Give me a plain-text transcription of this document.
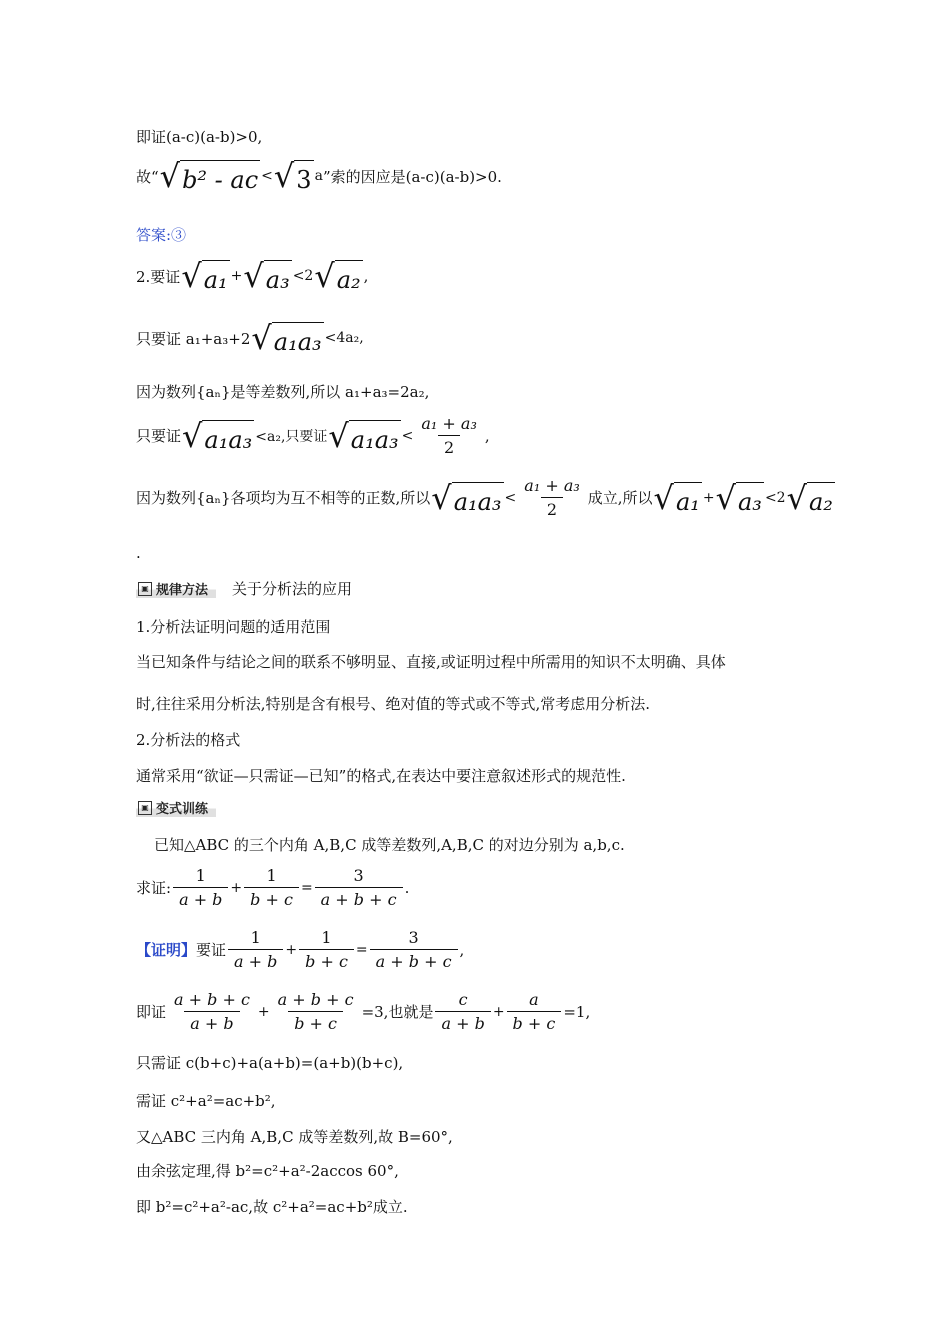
即证(a-c)(a-b)>0,
故“ √ b² - ac < √ 3 a ”索的因应是(a-c)(a-b)>0.
答案:③
2.要证 √ a₁ + √ a₃ <2 √ a₂ ,
只要证 a₁+a₃+2 √ a₁a₃ <4a₂,
因为数列{aₙ}是等差数列,所以 a₁+a₃=2a₂,
只要证 √ a₁a₃ <a₂,只要证 √ $a_1a_3 < \frac{\text{a₁ + a₃}}{2}$ ,
因为数列{aₙ}各项均为互不相等的正数,所以 √ $a_1a_3 < \frac{\text{a₁ + a₃}}{2}$ 成立,所以 √ a₁ + √ a₃ <2 √ a₂
.
▣ 规律方法 关于分析法的应用
1.分析法证明问题的适用范围
当已知条件与结论之间的联系不够明显、直接,或证明过程中所需用的知识不太明确、具体
时,往往采用分析法,特别是含有根号、绝对值的等式或不等式,常考虑用分析法.
2.分析法的格式
通常采用“欲证—只需证—已知”的格式,在表达中要注意叙述形式的规范性.
▣ 变式训练
已知△ABC 的三个内角 A,B,C 成等差数列,A,B,C 的对边分别为 a,b,c.
求证: $\frac{1}{a + b} + \frac{1}{b + c} = \frac{3}{a + b + c}$ .
【证明】 要证 $\frac{1}{a + b} + \frac{1}{b + c} = \frac{3}{a + b + c}$ ,
即证 $\frac{a + b + c}{a + b} + \frac{a + b + c}{b + c} =3$,也就是 $\frac{c}{a + b} + \frac{a}{b + c} =1$,
只需证 c(b+c)+a(a+b)=(a+b)(b+c),
需证 c²+a²=ac+b²,
又△ABC 三内角 A,B,C 成等差数列,故 B=60°,
由余弦定理,得 b²=c²+a²-2accos 60°,
即 b²=c²+a²-ac,故 c²+a²=ac+b²成立.
